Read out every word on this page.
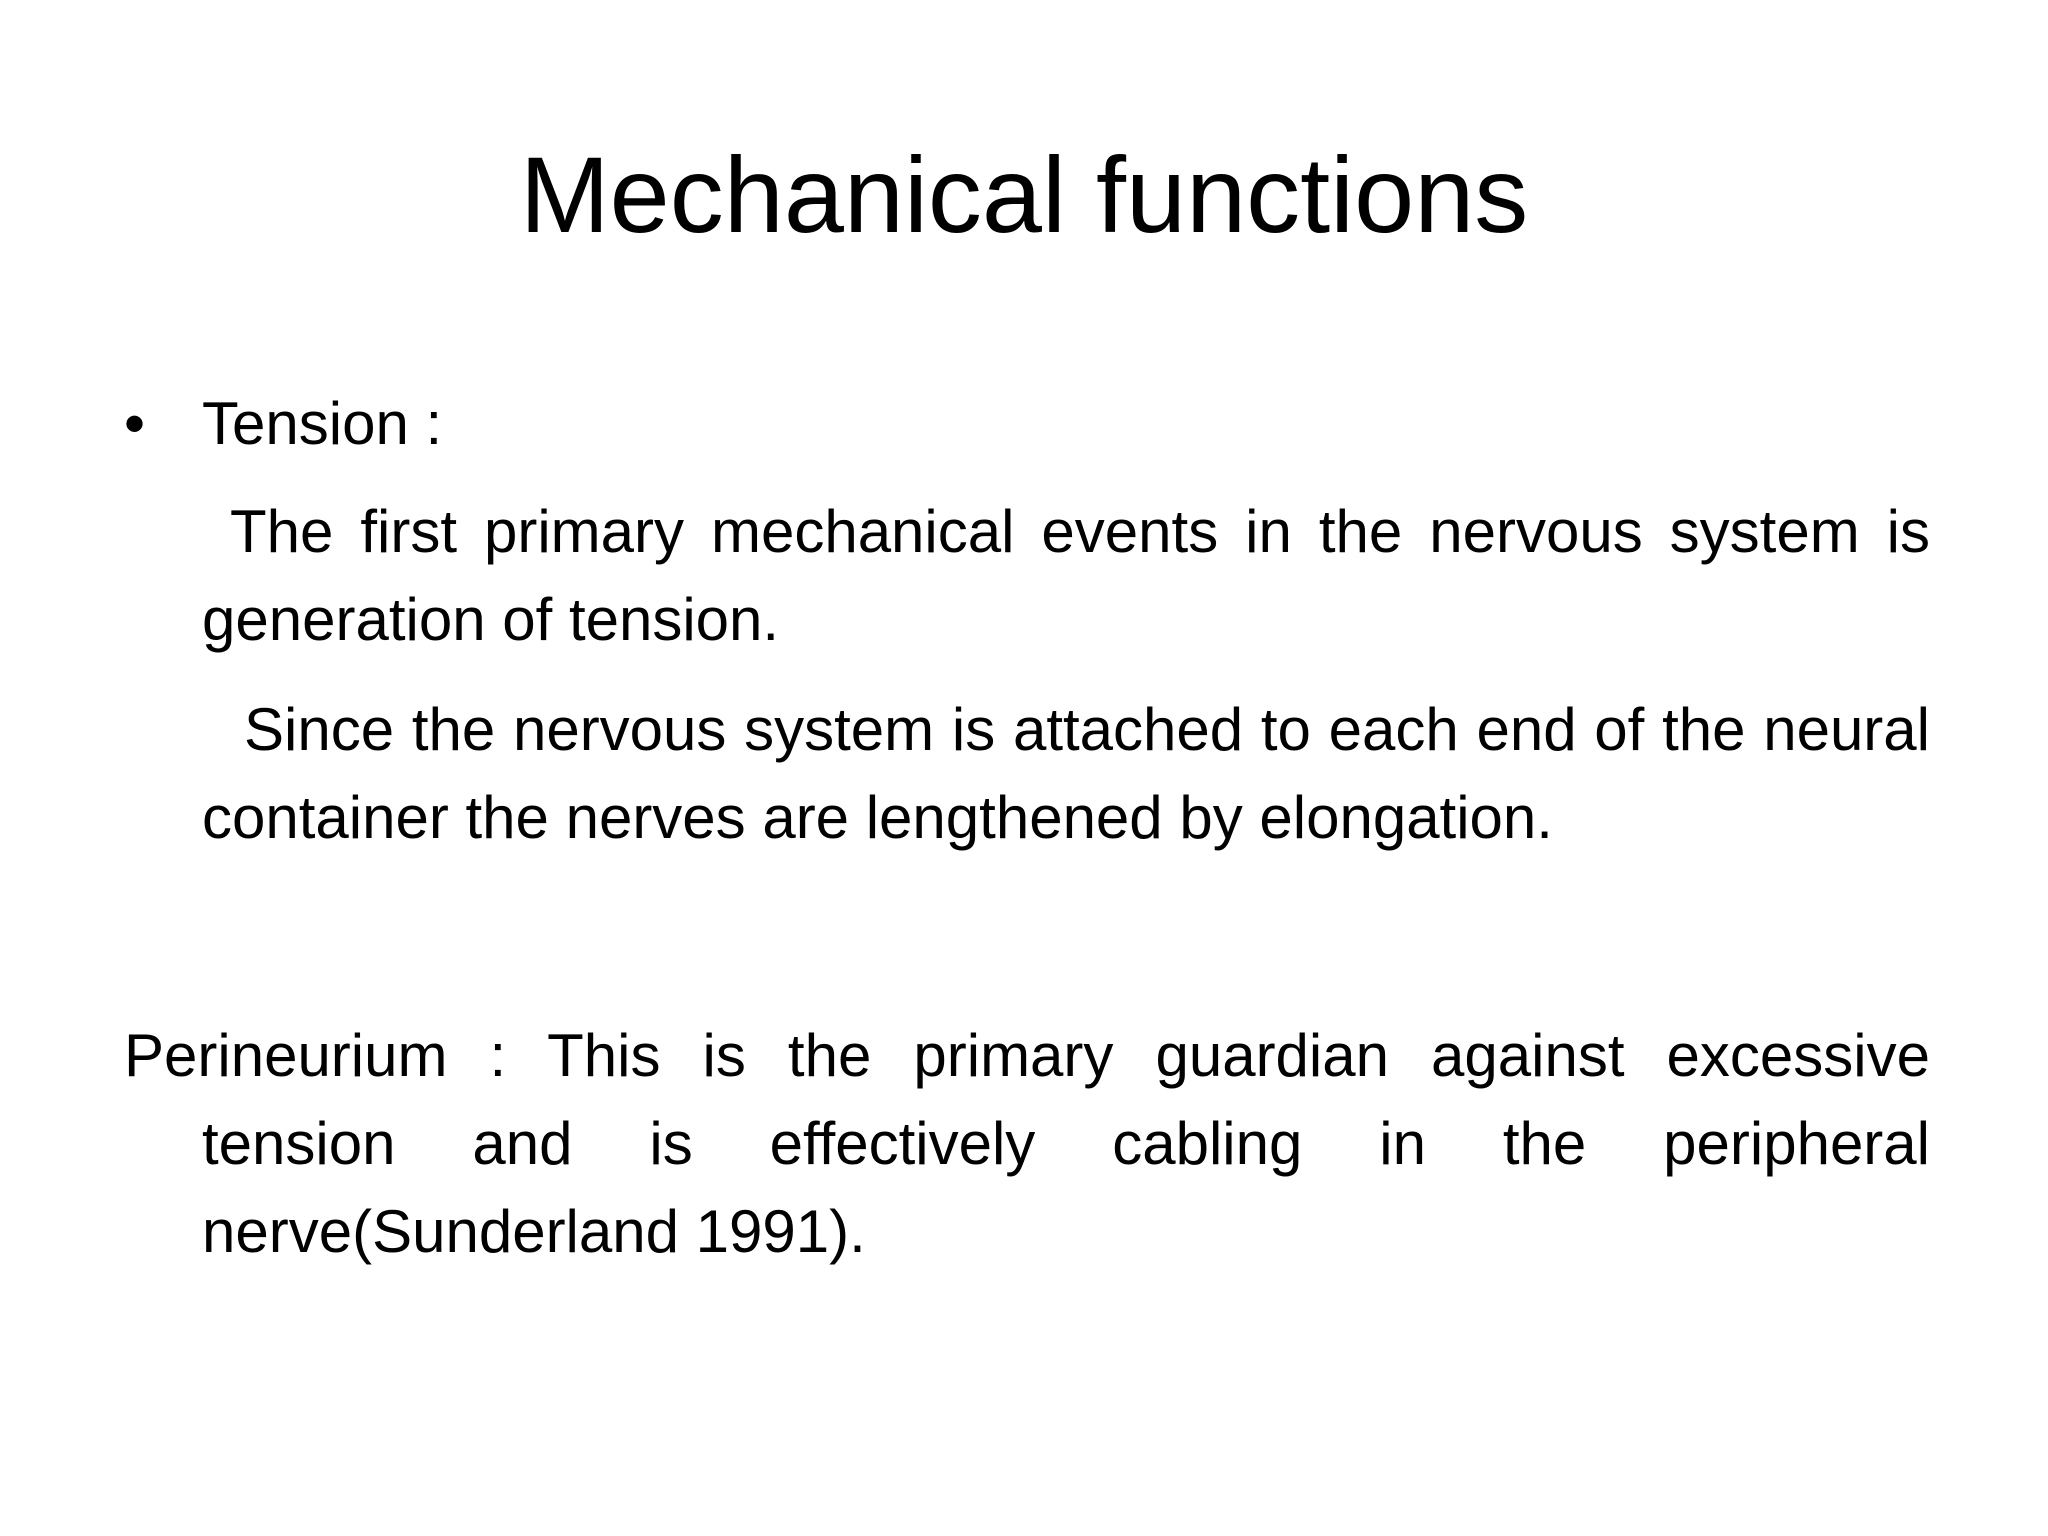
Mechanical functions
• Tension :
The first primary mechanical events in the nervous system is generation of tension.
Since the nervous system is attached to each end of the neural container the nerves are lengthened by elongation.
Perineurium : This is the primary guardian against excessive tension and is effectively cabling in the peripheral nerve(Sunderland 1991).
